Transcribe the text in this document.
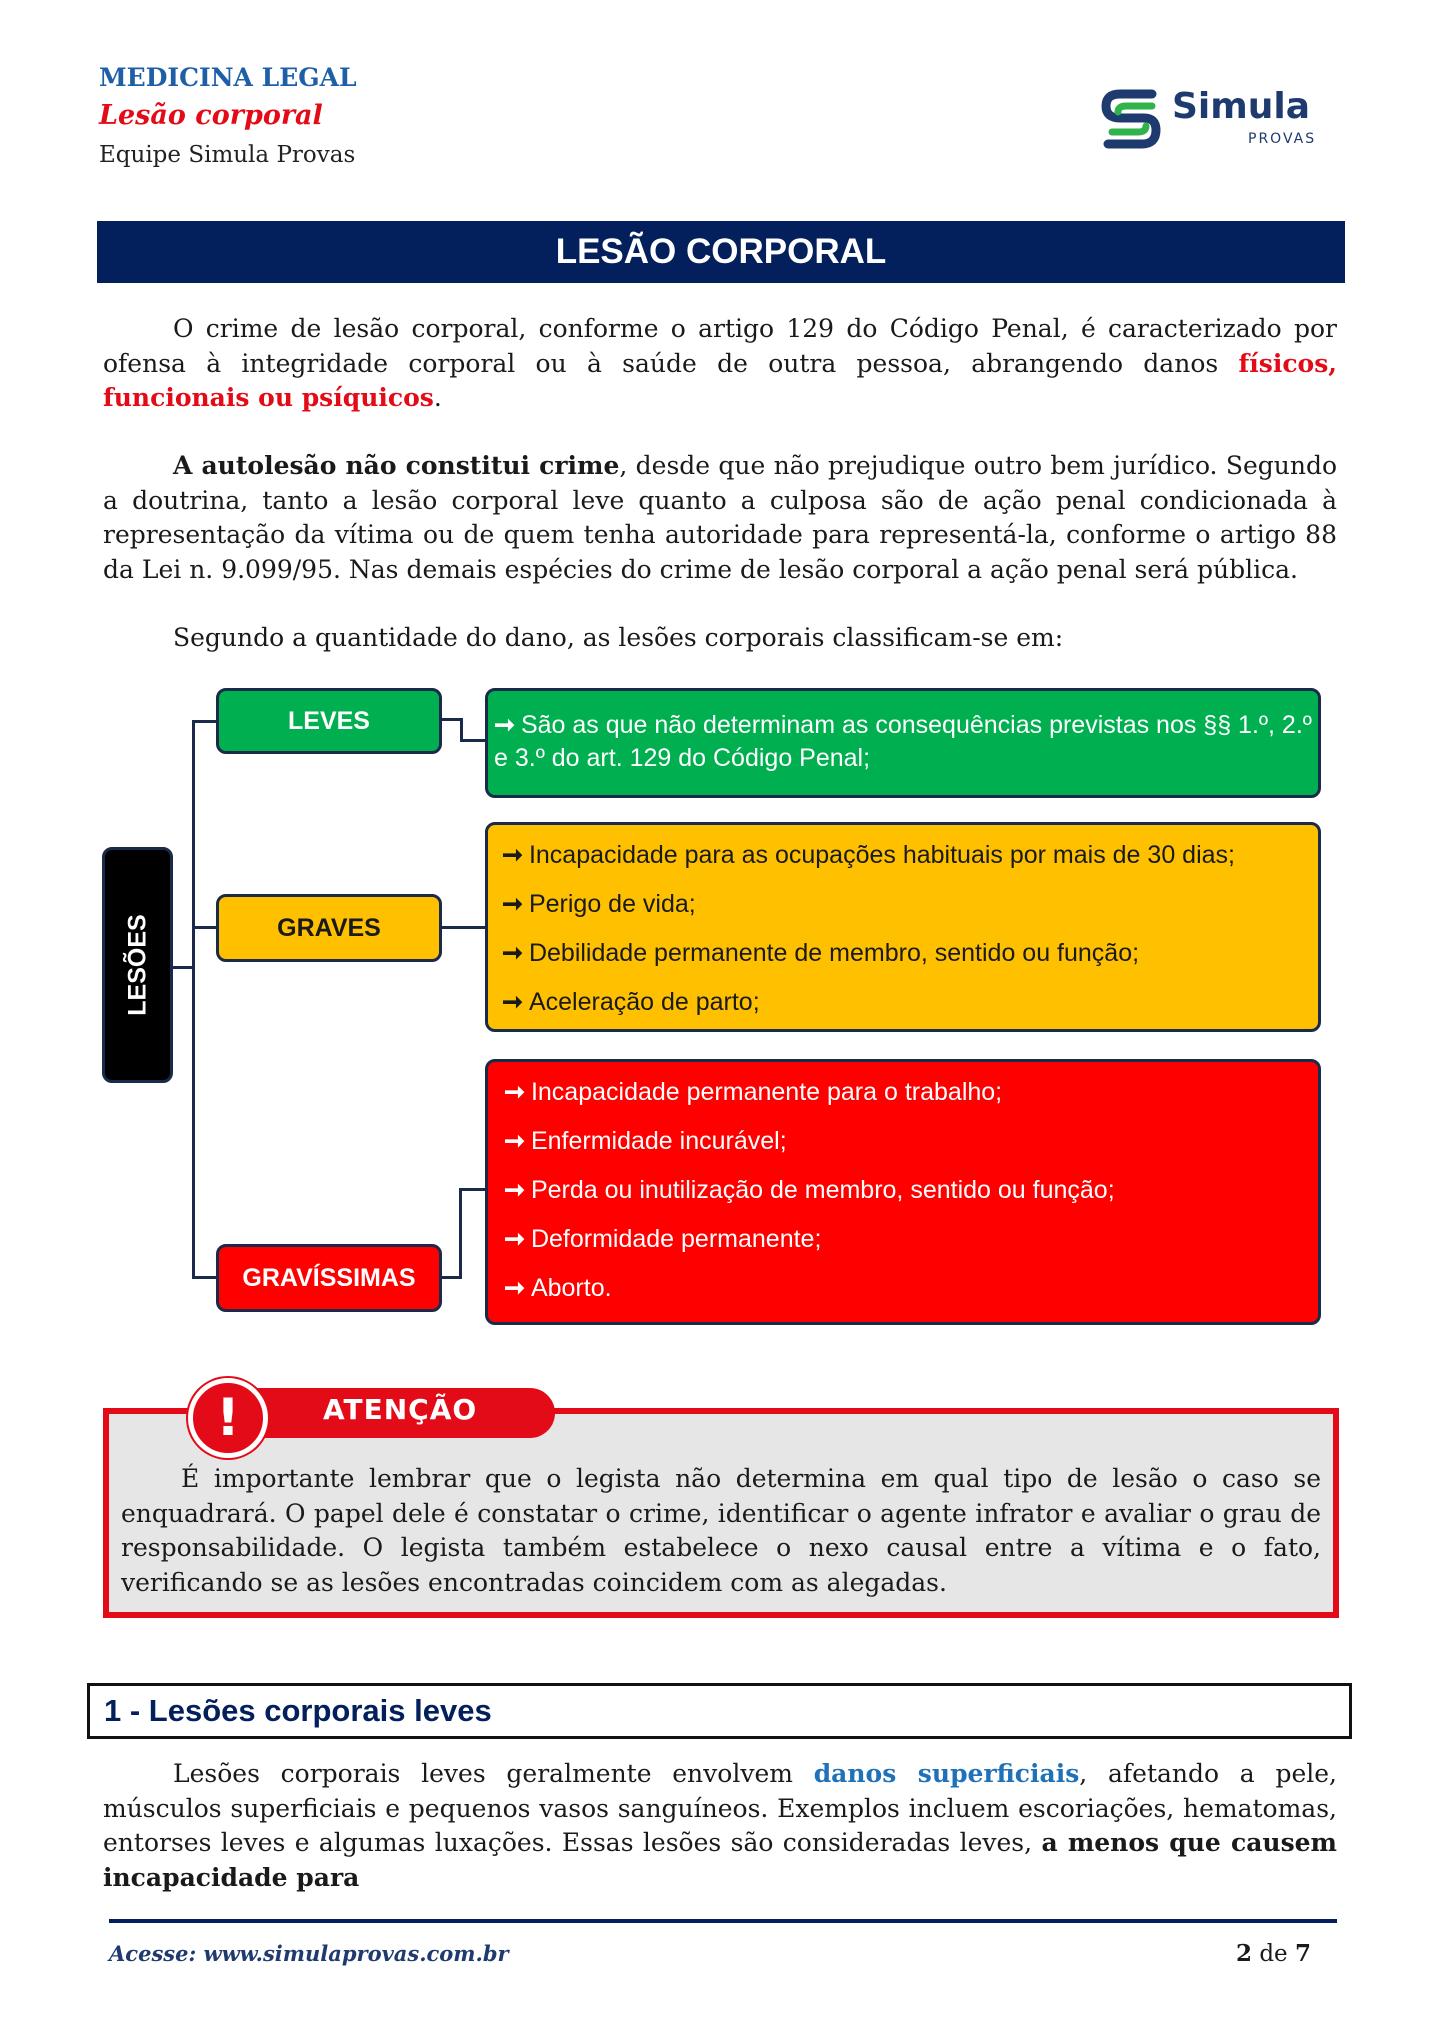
MEDICINA LEGAL
Lesão corporal
Equipe Simula Provas
Simula
PROVAS
LESÃO CORPORAL
O crime de lesão corporal, conforme o artigo 129 do Código Penal, é caracterizado por ofensa à integridade corporal ou à saúde de outra pessoa, abrangendo danos físicos, funcionais ou psíquicos.
A autolesão não constitui crime, desde que não prejudique outro bem jurídico. Segundo a doutrina, tanto a lesão corporal leve quanto a culposa são de ação penal condicionada à representação da vítima ou de quem tenha autoridade para representá-la, conforme o artigo 88 da Lei n. 9.099/95. Nas demais espécies do crime de lesão corporal a ação penal será pública.
Segundo a quantidade do dano, as lesões corporais classificam-se em:
LESÕES
LEVES	➞ São as que não determinam as consequências previstas nos §§ 1.º, 2.º e 3.º do art. 129 do Código Penal;
GRAVES
➞ Incapacidade para as ocupações habituais por mais de 30 dias;
➞ Perigo de vida;
➞ Debilidade permanente de membro, sentido ou função;
➞ Aceleração de parto;
GRAVÍSSIMAS
➞ Incapacidade permanente para o trabalho;
➞ Enfermidade incurável;
➞ Perda ou inutilização de membro, sentido ou função;
➞ Deformidade permanente;
➞ Aborto.
ATENÇÃO
!
É importante lembrar que o legista não determina em qual tipo de lesão o caso se enquadrará. O papel dele é constatar o crime, identificar o agente infrator e avaliar o grau de responsabilidade. O legista também estabelece o nexo causal entre a vítima e o fato, verificando se as lesões encontradas coincidem com as alegadas.
1 - Lesões corporais leves
Lesões corporais leves geralmente envolvem danos superficiais, afetando a pele, músculos superficiais e pequenos vasos sanguíneos. Exemplos incluem escoriações, hematomas, entorses leves e algumas luxações. Essas lesões são consideradas leves, a menos que causem incapacidade para
Acesse: www.simulaprovas.com.br	2 de 7
